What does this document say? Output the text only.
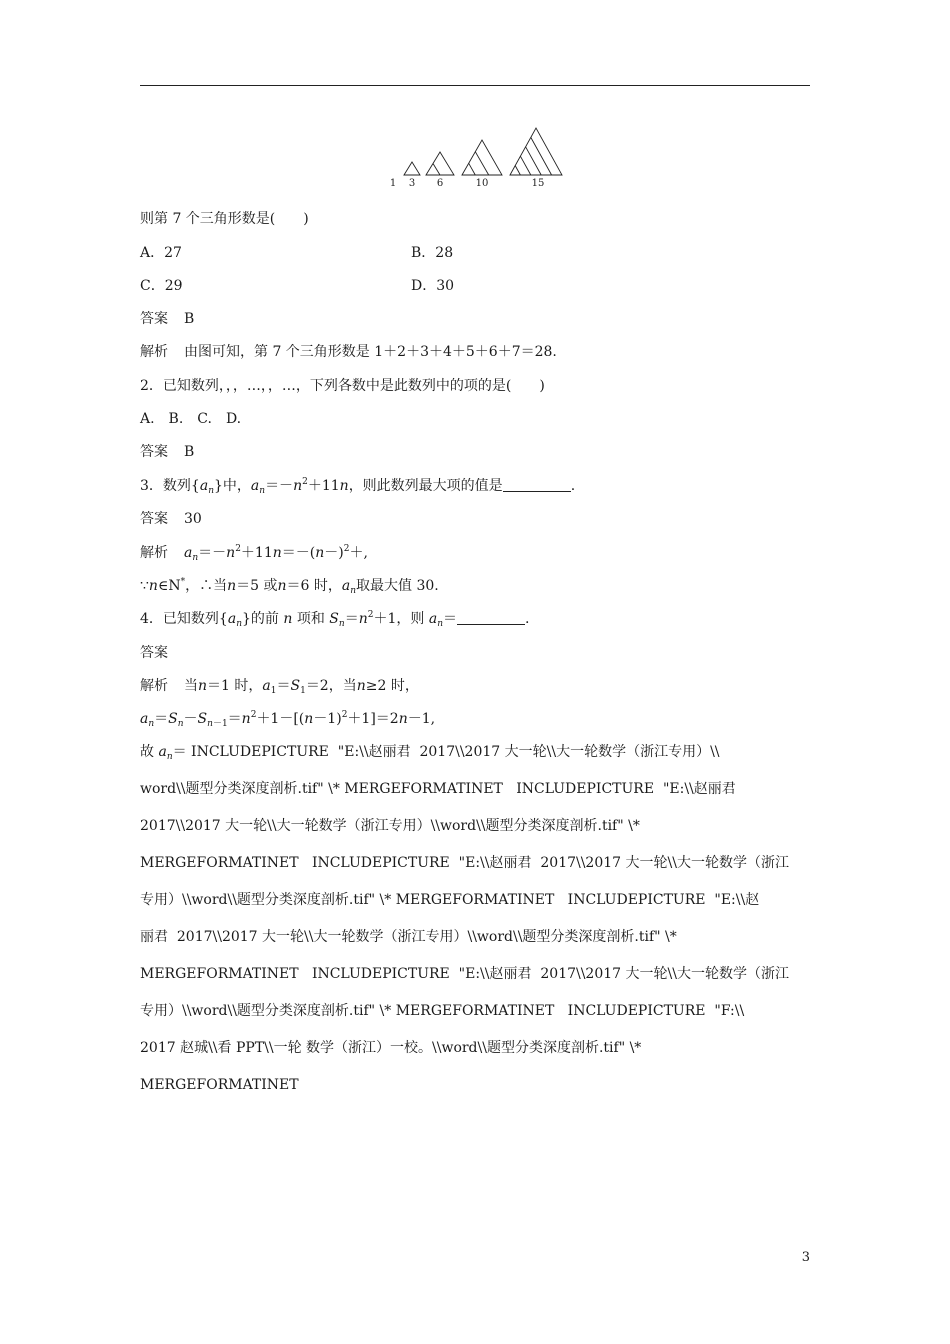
1 3 6	10	15
则第 7 个三角形数是(　　)
A．27	B．28
C．29	D．30
答案 B
解析 由图可知，第 7 个三角形数是 1＋2＋3＋4＋5＋6＋7＝28.
2．已知数列，，，…，，…，下列各数中是此数列中的项的是(　　)
A.　B.　C.　D.
答案 B
3．数列$\{a_n\}$中，$a_n=-n^2+11n$，则此数列最大项的值是	.
答案 30
解析 $a_n=-n^2+11n=-(n-)^2+$,
∵n∈N*，∴当n＝5 或n＝6 时，$a_n$取最大值 30.
4．已知数列$\{a_n\}$的前 n 项和 $S_n=n^2+1$，则 $a_n=$	.
答案
解析 当n＝1 时，$a_1=S_1=2$，当n≥2 时，
$a_n=S_n-S_{n-1}=n^2+1-[(n-1)^2+1]=2n-1$,
故 $a_n=$ INCLUDEPICTURE  "E:\\赵丽君  2017\\2017 大一轮\\大一轮数学（浙江专用）\\
word\\题型分类深度剖析.tif" \* MERGEFORMATINET   INCLUDEPICTURE  "E:\\赵丽君
2017\\2017 大一轮\\大一轮数学（浙江专用）\\word\\题型分类深度剖析.tif" \*
MERGEFORMATINET   INCLUDEPICTURE  "E:\\赵丽君  2017\\2017 大一轮\\大一轮数学（浙江
专用）\\word\\题型分类深度剖析.tif" \* MERGEFORMATINET   INCLUDEPICTURE  "E:\\赵
丽君  2017\\2017 大一轮\\大一轮数学（浙江专用）\\word\\题型分类深度剖析.tif" \*
MERGEFORMATINET   INCLUDEPICTURE  "E:\\赵丽君  2017\\2017 大一轮\\大一轮数学（浙江
专用）\\word\\题型分类深度剖析.tif" \* MERGEFORMATINET   INCLUDEPICTURE  "F:\\
2017 赵珹\\看 PPT\\一轮 数学（浙江）一校。\\word\\题型分类深度剖析.tif" \*
MERGEFORMATINET
3
